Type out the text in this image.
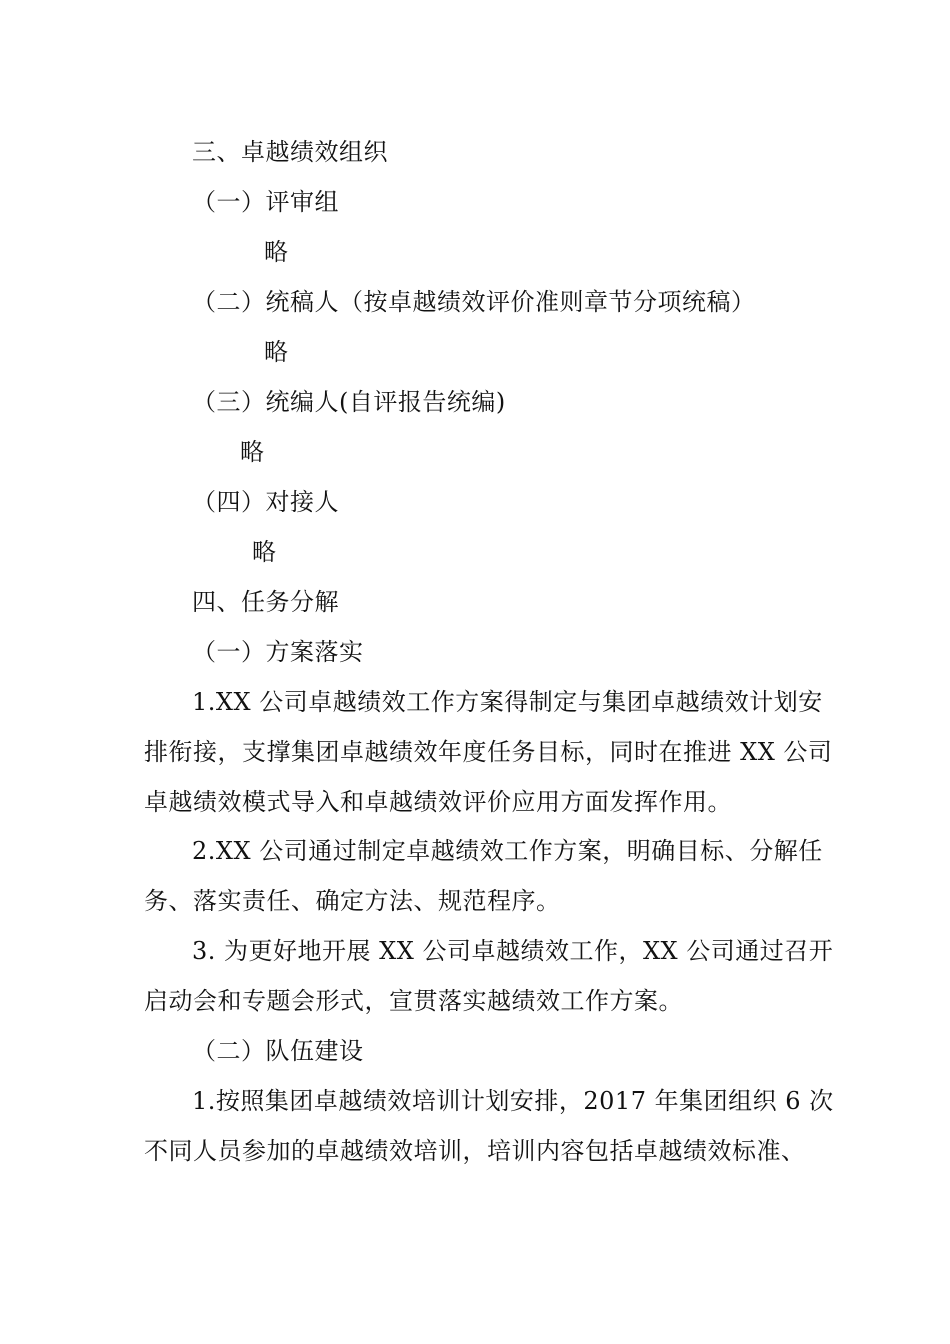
三、卓越绩效组织
（一）评审组
略
（二）统稿人（按卓越绩效评价准则章节分项统稿）
略
（三）统编人(自评报告统编)
略
（四）对接人
略
四、任务分解
（一）方案落实
1.XX 公司卓越绩效工作方案得制定与集团卓越绩效计划安
排衔接，支撑集团卓越绩效年度任务目标，同时在推进 XX 公司
卓越绩效模式导入和卓越绩效评价应用方面发挥作用。
2.XX 公司通过制定卓越绩效工作方案，明确目标、分解任
务、落实责任、确定方法、规范程序。
3. 为更好地开展 XX 公司卓越绩效工作，XX 公司通过召开
启动会和专题会形式，宣贯落实越绩效工作方案。
（二）队伍建设
1.按照集团卓越绩效培训计划安排，2017 年集团组织 6 次
不同人员参加的卓越绩效培训，培训内容包括卓越绩效标准、
